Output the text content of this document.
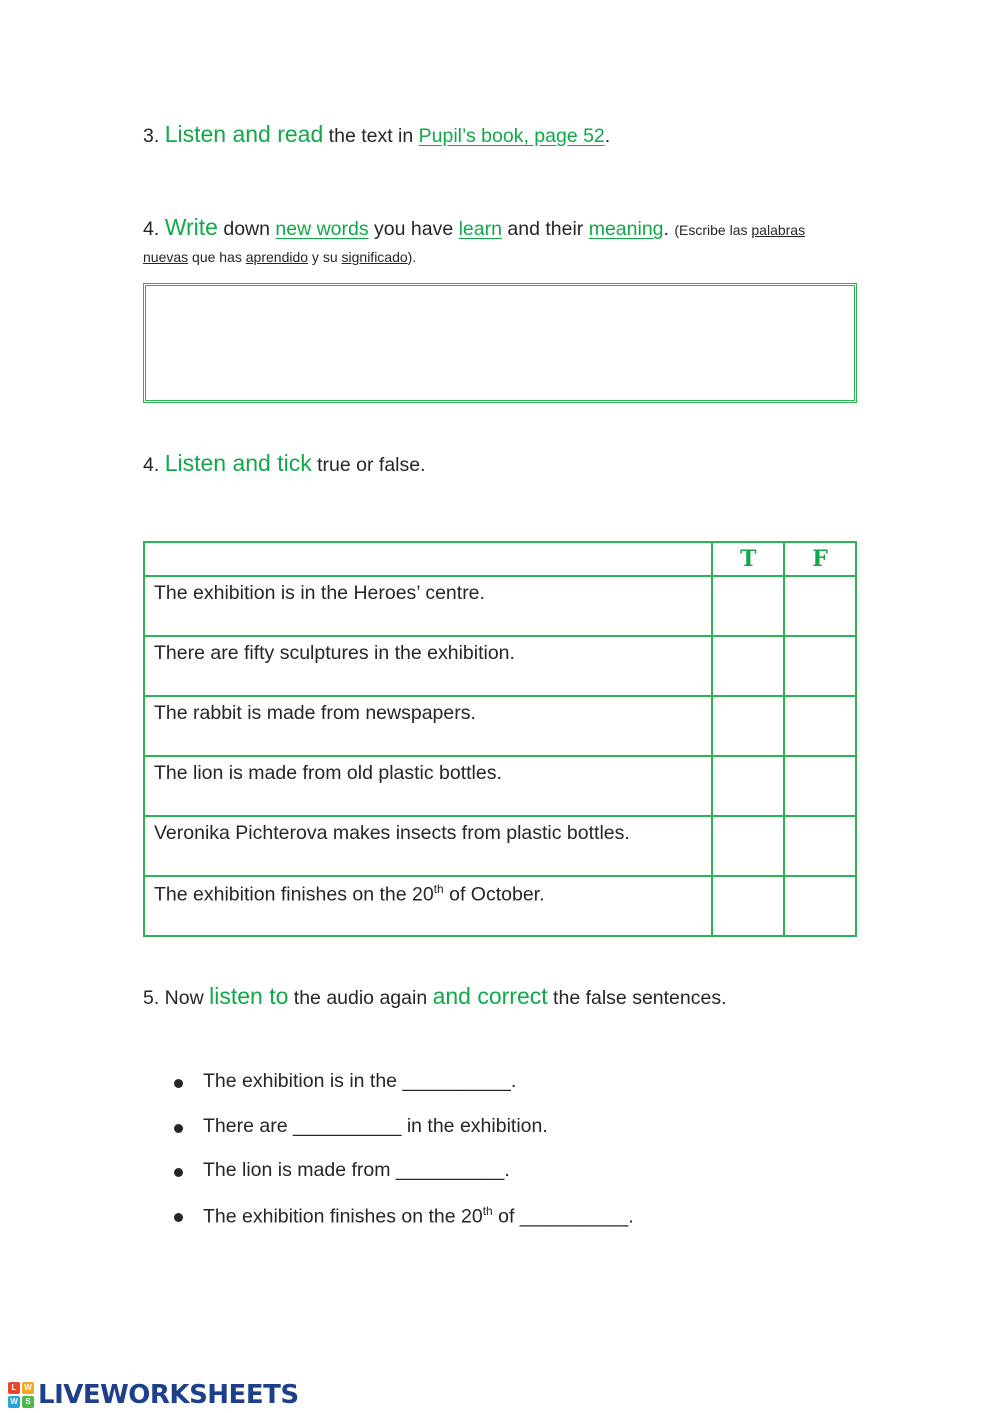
3. Listen and read the text in Pupil’s book, page 52.
4. Write down new words you have learn and their meaning. (Escribe las palabras
nuevas que has aprendido y su significado).
4. Listen and tick true or false.

	T	F

The exhibition is in the Heroes’ centre.		
There are fifty sculptures in the exhibition.		
The rabbit is made from newspapers.		
The lion is made from old plastic bottles.		
Veronika Pichterova makes insects from plastic bottles.		
The exhibition finishes on the 20th of October.		
5. Now listen to the audio again and correct the false sentences.
The exhibition is in the __________.
There are __________ in the exhibition.
The lion is made from __________.
The exhibition finishes on the 20th of __________.
L W
W S LIVEWORKSHEETS
